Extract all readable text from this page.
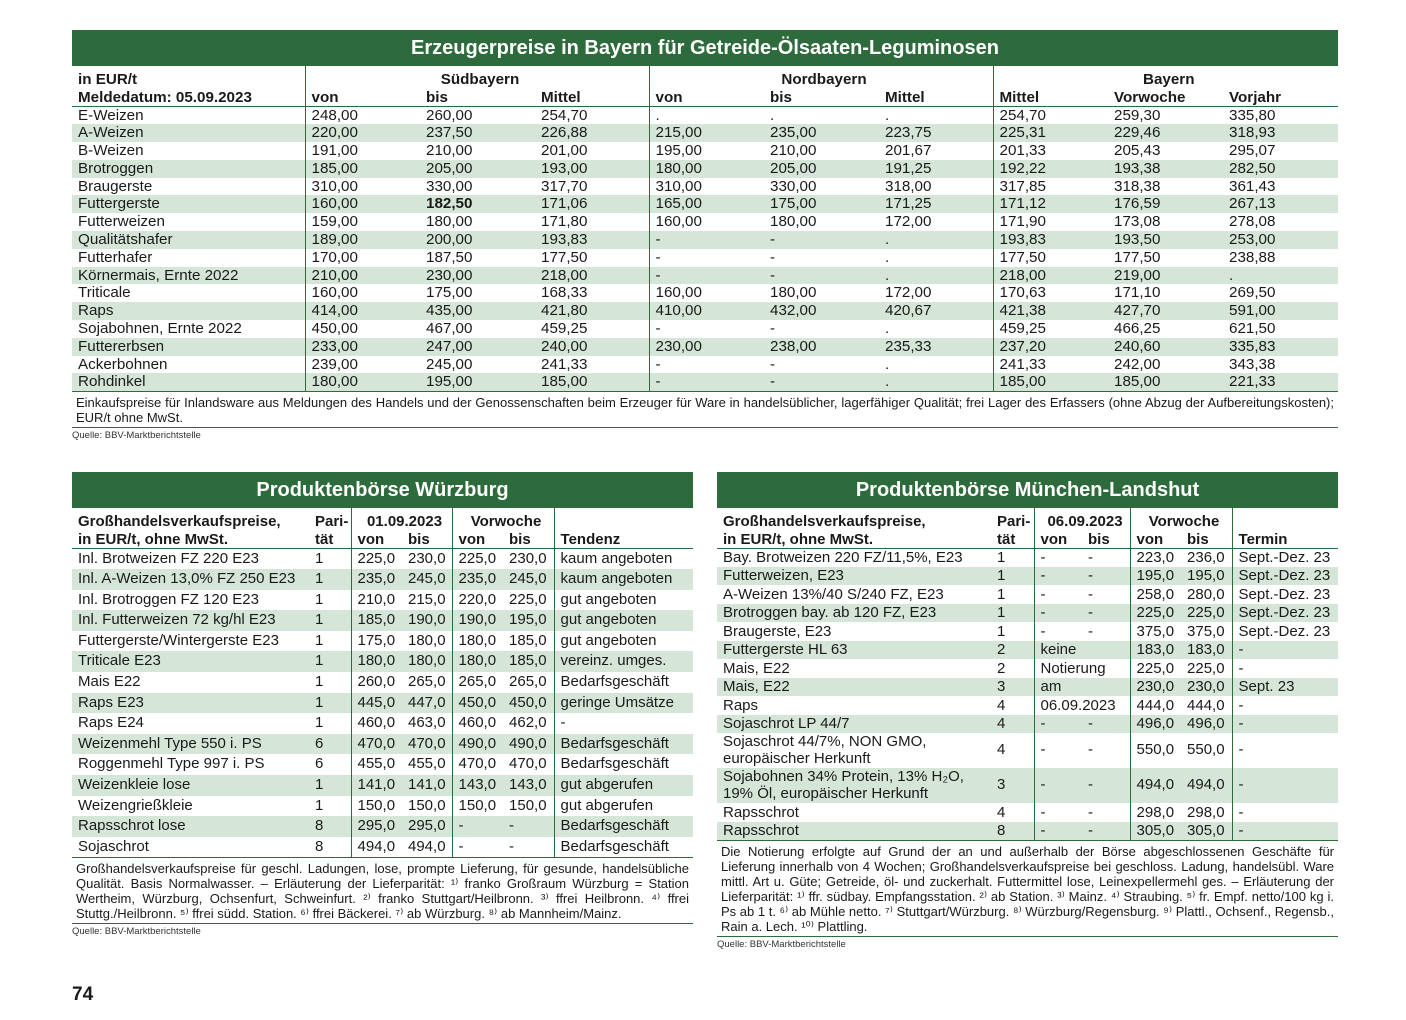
Erzeugerpreise in Bayern für Getreide-Ölsaaten-Leguminosen
in EUR/t	Südbayern			Nordbayern			Bayern		
Meldedatum: 05.09.2023	von	bis	Mittel	von	bis	Mittel	Mittel	Vorwoche	Vorjahr
E-Weizen	248,00	260,00	254,70	.	.	.	254,70	259,30	335,80
A-Weizen	220,00	237,50	226,88	215,00	235,00	223,75	225,31	229,46	318,93
B-Weizen	191,00	210,00	201,00	195,00	210,00	201,67	201,33	205,43	295,07
Brotroggen	185,00	205,00	193,00	180,00	205,00	191,25	192,22	193,38	282,50
Braugerste	310,00	330,00	317,70	310,00	330,00	318,00	317,85	318,38	361,43
Futtergerste	160,00	182,50	171,06	165,00	175,00	171,25	171,12	176,59	267,13
Futterweizen	159,00	180,00	171,80	160,00	180,00	172,00	171,90	173,08	278,08
Qualitätshafer	189,00	200,00	193,83	-	-	.	193,83	193,50	253,00
Futterhafer	170,00	187,50	177,50	-	-	.	177,50	177,50	238,88
Körnermais, Ernte 2022	210,00	230,00	218,00	-	-	.	218,00	219,00	.
Triticale	160,00	175,00	168,33	160,00	180,00	172,00	170,63	171,10	269,50
Raps	414,00	435,00	421,80	410,00	432,00	420,67	421,38	427,70	591,00
Sojabohnen, Ernte 2022	450,00	467,00	459,25	-	-	.	459,25	466,25	621,50
Futtererbsen	233,00	247,00	240,00	230,00	238,00	235,33	237,20	240,60	335,83
Ackerbohnen	239,00	245,00	241,33	-	-	.	241,33	242,00	343,38
Rohdinkel	180,00	195,00	185,00	-	-	.	185,00	185,00	221,33
Einkaufspreise für Inlandsware aus Meldungen des Handels und der Genossenschaften beim Erzeuger für Ware in handelsüblicher, lagerfähiger Qualität; frei Lager des Erfassers (ohne Abzug der Aufbereitungskosten); EUR/t ohne MwSt.
Quelle: BBV-Marktberichtstelle
Produktenbörse Würzburg
Großhandelsverkaufspreise,	Pari-	01.09.2023		Vorwoche		
in EUR/t, ohne MwSt.	tät	von	bis	von	bis	Tendenz
Inl. Brotweizen FZ 220 E23	1	225,0	230,0	225,0	230,0	kaum angeboten
Inl. A-Weizen 13,0% FZ 250 E23	1	235,0	245,0	235,0	245,0	kaum angeboten
Inl. Brotroggen FZ 120 E23	1	210,0	215,0	220,0	225,0	gut angeboten
Inl. Futterweizen 72 kg/hl E23	1	185,0	190,0	190,0	195,0	gut angeboten
Futtergerste/Wintergerste E23	1	175,0	180,0	180,0	185,0	gut angeboten
Triticale E23	1	180,0	180,0	180,0	185,0	vereinz. umges.
Mais E22	1	260,0	265,0	265,0	265,0	Bedarfsgeschäft
Raps E23	1	445,0	447,0	450,0	450,0	geringe Umsätze
Raps E24	1	460,0	463,0	460,0	462,0	-
Weizenmehl Type 550 i. PS	6	470,0	470,0	490,0	490,0	Bedarfsgeschäft
Roggenmehl Type 997 i. PS	6	455,0	455,0	470,0	470,0	Bedarfsgeschäft
Weizenkleie lose	1	141,0	141,0	143,0	143,0	gut abgerufen
Weizengrießkleie	1	150,0	150,0	150,0	150,0	gut abgerufen
Rapsschrot lose	8	295,0	295,0	-	-	Bedarfsgeschäft
Sojaschrot	8	494,0	494,0	-	-	Bedarfsgeschäft
Großhandelsverkaufspreise für geschl. Ladungen, lose, prompte Lieferung, für gesunde, handelsübliche Qualität. Basis Normalwasser. – Erläuterung der Lieferparität: ¹⁾ franko Großraum Würzburg = Station Wertheim, Würzburg, Ochsenfurt, Schweinfurt. ²⁾ franko Stuttgart/Heilbronn. ³⁾ ffrei Heilbronn. ⁴⁾ ffrei Stuttg./Heilbronn. ⁵⁾ ffrei südd. Station. ⁶⁾ ffrei Bäckerei. ⁷⁾ ab Würzburg. ⁸⁾ ab Mannheim/Mainz.
Quelle: BBV-Marktberichtstelle
Produktenbörse München-Landshut
Großhandelsverkaufspreise,	Pari-	06.09.2023		Vorwoche		
in EUR/t, ohne MwSt.	tät	von	bis	von	bis	Termin
Bay. Brotweizen 220 FZ/11,5%, E23	1	-	-	223,0	236,0	Sept.-Dez. 23
Futterweizen, E23	1	-	-	195,0	195,0	Sept.-Dez. 23
A-Weizen 13%/40 S/240 FZ, E23	1	-	-	258,0	280,0	Sept.-Dez. 23
Brotroggen bay. ab 120 FZ, E23	1	-	-	225,0	225,0	Sept.-Dez. 23
Braugerste, E23	1	-	-	375,0	375,0	Sept.-Dez. 23
Futtergerste HL 63	2	keine		183,0	183,0	-
Mais, E22	2	Notierung		225,0	225,0	-
Mais, E22	3	am		230,0	230,0	Sept. 23
Raps	4	06.09.2023		444,0	444,0	-
Sojaschrot LP 44/7	4	-	-	496,0	496,0	-
Sojaschrot 44/7%, NON GMO, europäischer Herkunft	4	-	-	550,0	550,0	-
Sojabohnen 34% Protein, 13% H₂O, 19% Öl, europäischer Herkunft	3	-	-	494,0	494,0	-
Rapsschrot	4	-	-	298,0	298,0	-
Rapsschrot	8	-	-	305,0	305,0	-
Die Notierung erfolgte auf Grund der an und außerhalb der Börse abgeschlossenen Geschäfte für Lieferung innerhalb von 4 Wochen; Großhandelsverkaufspreise bei geschloss. Ladung, handelsübl. Ware mittl. Art u. Güte; Getreide, öl- und zuckerhalt. Futtermittel lose, Leinexpellermehl ges. – Erläuterung der Lieferparität: ¹⁾ ffr. südbay. Empfangsstation. ²⁾ ab Station. ³⁾ Mainz. ⁴⁾ Straubing. ⁵⁾ fr. Empf. netto/100 kg i. Ps ab 1 t. ⁶⁾ ab Mühle netto. ⁷⁾ Stuttgart/Würzburg. ⁸⁾ Würzburg/Regensburg. ⁹⁾ Plattl., Ochsenf., Regensb., Rain a. Lech. ¹⁰⁾ Plattling.
Quelle: BBV-Marktberichtstelle
74
